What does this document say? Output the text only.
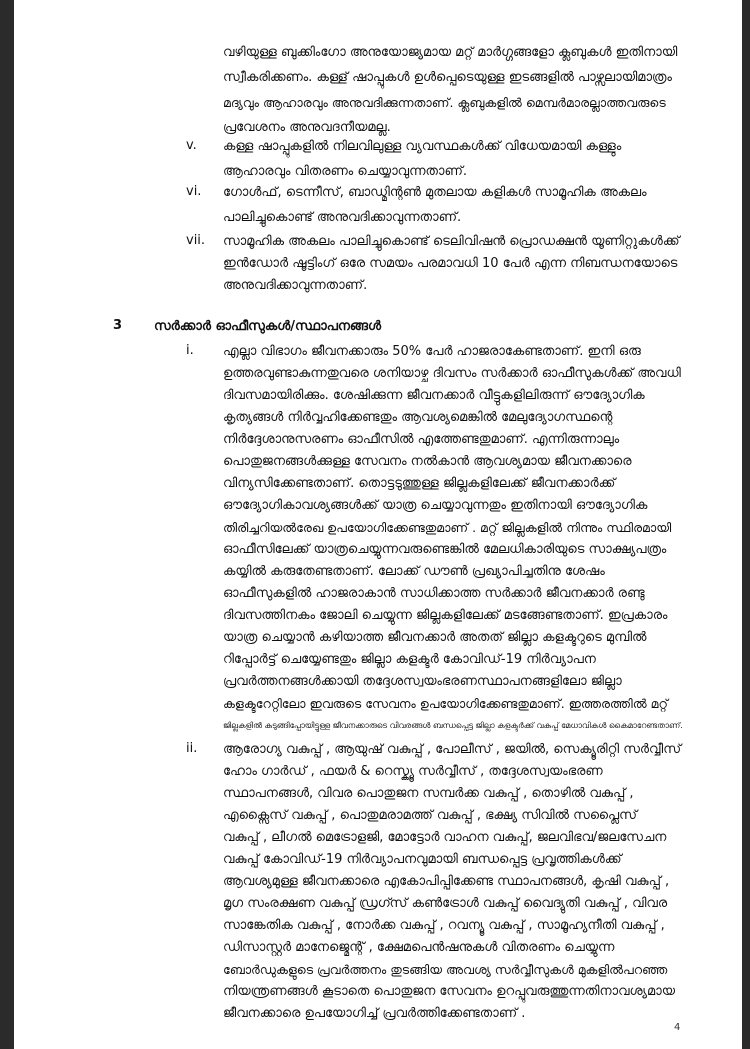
വഴിയുള്ള ബുക്കിംഗോ അനുയോജ്യമായ മറ്റ് മാർഗ്ഗങ്ങളോ ക്ലബുകൾ ഇതിനായി

സ്വീകരിക്കണം. കള്ള് ഷാപ്പുകൾ ഉൾപ്പെടെയുള്ള ഇടങ്ങളിൽ പാഴ്സലായിമാത്രം

മദ്യവും ആഹാരവും അനുവദിക്കുന്നതാണ്. ക്ലബുകളിൽ മെമ്പർമാരല്ലാത്തവരുടെ

പ്രവേശനം അനുവദനീയമല്ല.

v. കള്ള ഷാപ്പുകളിൽ നിലവിലുള്ള വ്യവസ്ഥകൾക്ക് വിധേയമായി കള്ളും

ആഹാരവും വിതരണം ചെയ്യാവുന്നതാണ്.

vi. ഗോൾഫ്, ടെന്നീസ്, ബാഡ്മിന്റൺ മുതലായ കളികൾ സാമൂഹിക അകലം

പാലിച്ചുകൊണ്ട് അനുവദിക്കാവുന്നതാണ്.

vii. സാമൂഹിക അകലം പാലിച്ചുകൊണ്ട് ടെലിവിഷൻ പ്രൊഡക്ഷൻ യൂണിറ്റുകൾക്ക്

ഇൻഡോർ ഷൂട്ടിംഗ് ഒരേ സമയം പരമാവധി 10 പേർ എന്ന നിബന്ധനയോടെ

അനുവദിക്കാവുന്നതാണ്.

3 സർക്കാർ ഓഫീസുകൾ/സ്ഥാപനങ്ങൾ

i. എല്ലാ വിഭാഗം ജീവനക്കാരും 50% പേർ ഹാജരാകേണ്ടതാണ്. ഇനി ഒരു

ഉത്തരവുണ്ടാകുന്നതുവരെ ശനിയാഴ്ച ദിവസം സർക്കാർ ഓഫീസുകൾക്ക് അവധി

ദിവസമായിരിക്കും. ശേഷിക്കുന്ന ജീവനക്കാർ വീട്ടുകളിലിരുന്ന് ഔദ്യോഗിക

കൃത്യങ്ങൾ നിർവ്വഹിക്കേണ്ടതും ആവശ്യമെങ്കിൽ മേലുദ്യോഗസ്ഥന്റെ

നിർദ്ദേശാനുസരണം ഓഫീസിൽ എത്തേണ്ടതുമാണ്. എന്നിരുന്നാലും

പൊതുജനങ്ങൾക്കുള്ള സേവനം നൽകാൻ ആവശ്യമായ ജീവനക്കാരെ

വിന്യസിക്കേണ്ടതാണ്. തൊട്ടടുത്തുള്ള ജില്ലകളിലേക്ക് ജീവനക്കാർക്ക്

ഔദ്യോഗികാവശ്യങ്ങൾക്ക് യാത്ര ചെയ്യാവുന്നതും ഇതിനായി ഔദ്യോഗിക

തിരിച്ചറിയൽരേഖ ഉപയോഗിക്കേണ്ടതുമാണ് . മറ്റ് ജില്ലകളിൽ നിന്നും സ്ഥിരമായി

ഓഫീസിലേക്ക് യാത്രചെയ്യുന്നവരുണ്ടെങ്കിൽ മേലധികാരിയുടെ സാക്ഷ്യപത്രം

കയ്യിൽ കരുതേണ്ടതാണ്. ലോക്ക് ഡൗൺ പ്രഖ്യാപിച്ചതിനു ശേഷം

ഓഫീസുകളിൽ ഹാജരാകാൻ സാധിക്കാത്ത സർക്കാർ ജീവനക്കാർ രണ്ടു

ദിവസത്തിനകം ജോലി ചെയ്യുന്ന ജില്ലകളിലേക്ക് മടങ്ങേണ്ടതാണ്. ഇപ്രകാരം

യാത്ര ചെയ്യാൻ കഴിയാത്ത ജീവനക്കാർ അതത് ജില്ലാ കളക്ടറുടെ മുമ്പിൽ

റിപ്പോർട്ട് ചെയ്യേണ്ടതും ജില്ലാ കളക്ടർ കോവിഡ്-19 നിർവ്യാപന

പ്രവർത്തനങ്ങൾക്കായി തദ്ദേശസ്വയംഭരണസ്ഥാപനങ്ങളിലോ ജില്ലാ

കളക്ടറേറ്റിലോ ഇവരുടെ സേവനം ഉപയോഗിക്കേണ്ടതുമാണ്. ഇത്തരത്തിൽ മറ്റ്

ജില്ലകളിൽ കുടുങ്ങിപ്പോയിട്ടുള്ള ജീവനക്കാരുടെ വിവരങ്ങൾ ബന്ധപ്പെട്ട ജില്ലാ കളക്ടർക്ക് വകുപ്പ് മേധാവികൾ കൈമാറേണ്ടതാണ്.

ii. ആരോഗ്യ വകുപ്പ് , ആയുഷ് വകുപ്പ് , പോലീസ് , ജയിൽ, സെക്യൂരിറ്റി സർവ്വീസ്

ഹോം ഗാർഡ് , ഫയർ & റെസ്ക്യൂ സർവ്വീസ് , തദ്ദേശസ്വയംഭരണ

സ്ഥാപനങ്ങൾ, വിവര പൊതുജന സമ്പർക്ക വകുപ്പ് , തൊഴിൽ വകുപ്പ് ,

എക്സൈസ് വകുപ്പ് , പൊതുമരാമത്ത് വകുപ്പ് , ഭക്ഷ്യ സിവിൽ സപ്ലൈസ്

വകുപ്പ് , ലീഗൽ മെട്രോളജി, മോട്ടോർ വാഹന വകുപ്പ്, ജലവിഭവ/ജലസേചന

വകുപ്പ് കോവിഡ്-19 നിർവ്യാപനവുമായി ബന്ധപ്പെട്ട പ്രവൃത്തികൾക്ക്

ആവശ്യമുള്ള ജീവനക്കാരെ എകോപിപ്പിക്കേണ്ട സ്ഥാപനങ്ങൾ, കൃഷി വകുപ്പ് ,

മൃഗ സംരക്ഷണ വകുപ്പ് ഡ്രഗ്സ് കൺട്രോൾ വകുപ്പ് വൈദ്യുതി വകുപ്പ് , വിവര

സാങ്കേതിക വകുപ്പ് , നോർക്ക വകുപ്പ് , റവന്യൂ വകുപ്പ് , സാമൂഹ്യനീതി വകുപ്പ് ,

ഡിസാസ്റ്റർ മാനേജ്മെന്റ് , ക്ഷേമപെൻഷനുകൾ വിതരണം ചെയ്യുന്ന

ബോർഡുകളുടെ പ്രവർത്തനം തുടങ്ങിയ അവശ്യ സർവ്വീസുകൾ മുകളിൽപറഞ്ഞ

നിയന്ത്രണങ്ങൾ കൂടാതെ പൊതുജന സേവനം ഉറപ്പുവരുത്തുന്നതിനാവശ്യമായ

ജീവനക്കാരെ ഉപയോഗിച്ച് പ്രവർത്തിക്കേണ്ടതാണ് .

4
